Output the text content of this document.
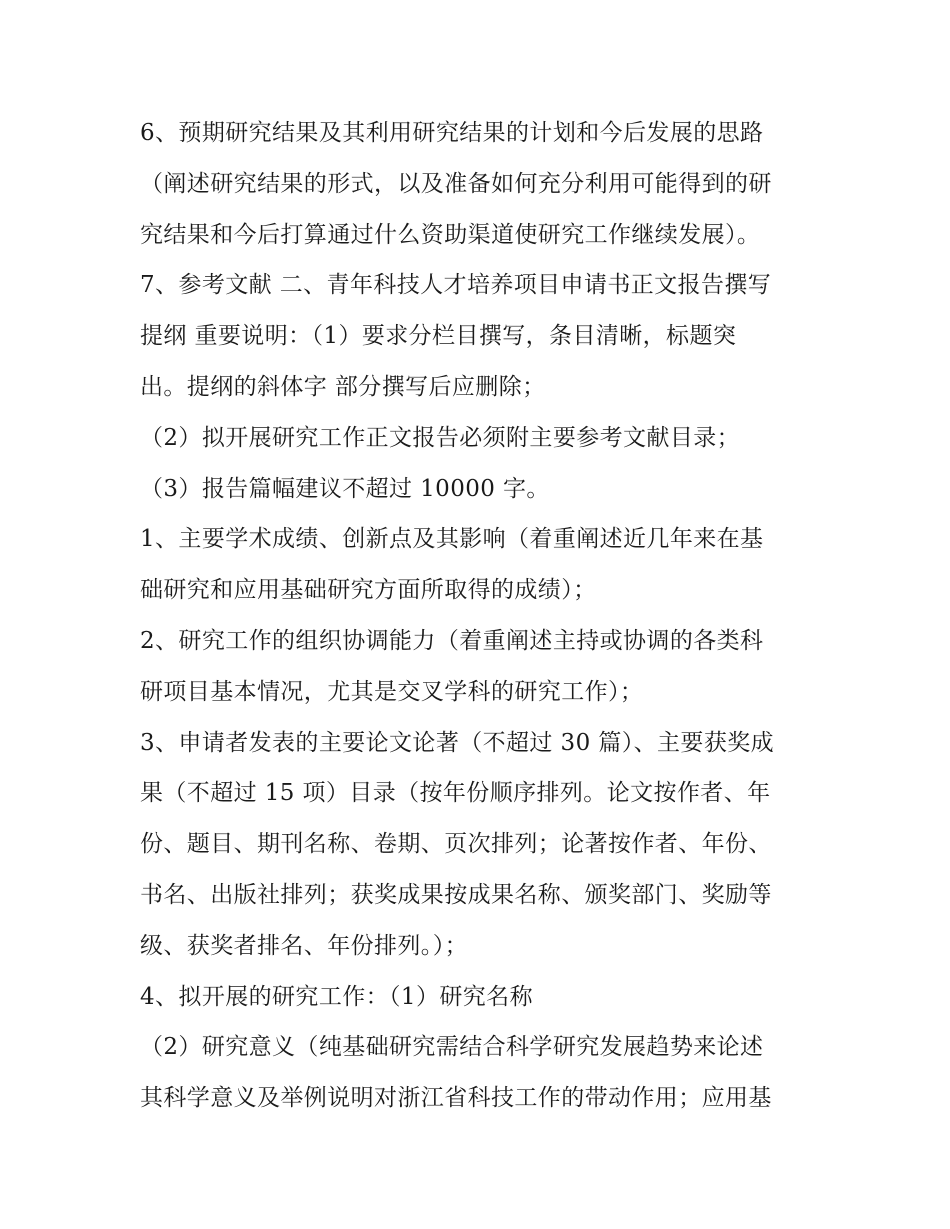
6、预期研究结果及其利用研究结果的计划和今后发展的思路
（阐述研究结果的形式，以及准备如何充分利用可能得到的研
究结果和今后打算通过什么资助渠道使研究工作继续发展）。
7、参考文献 二、青年科技人才培养项目申请书正文报告撰写
提纲 重要说明：（1）要求分栏目撰写，条目清晰，标题突
出。提纲的斜体字 部分撰写后应删除；
（2）拟开展研究工作正文报告必须附主要参考文献目录；
（3）报告篇幅建议不超过 10000 字。
1、主要学术成绩、创新点及其影响（着重阐述近几年来在基
础研究和应用基础研究方面所取得的成绩）；
2、研究工作的组织协调能力（着重阐述主持或协调的各类科
研项目基本情况，尤其是交叉学科的研究工作）；
3、申请者发表的主要论文论著（不超过 30 篇）、主要获奖成
果（不超过 15 项）目录（按年份顺序排列。论文按作者、年
份、题目、期刊名称、卷期、页次排列；论著按作者、年份、
书名、出版社排列；获奖成果按成果名称、颁奖部门、奖励等
级、获奖者排名、年份排列。）；
4、拟开展的研究工作：（1）研究名称
（2）研究意义（纯基础研究需结合科学研究发展趋势来论述
其科学意义及举例说明对浙江省科技工作的带动作用；应用基
